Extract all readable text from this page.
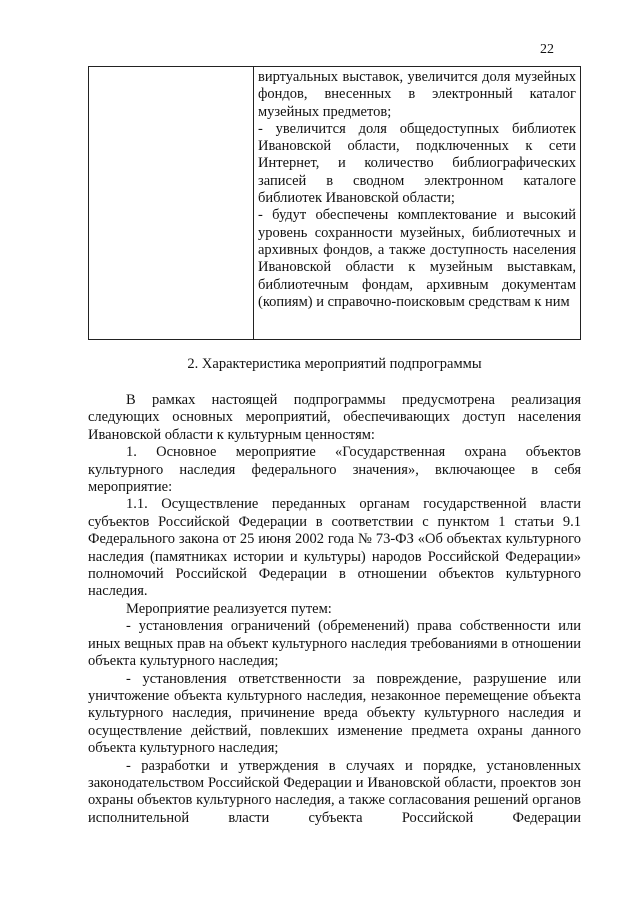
22

виртуальных выставок, увеличится доля музейных фондов, внесенных в электронный каталог музейных предметов;

- увеличится доля общедоступных библиотек Ивановской области, подключенных к сети Интернет, и количество библиографических записей в сводном электронном каталоге библиотек Ивановской области;

- будут обеспечены комплектование и высокий уровень сохранности музейных, библиотечных и архивных фондов, а также доступность населения Ивановской области к музейным выставкам, библиотечным фондам, архивным документам (копиям) и справочно-поисковым средствам к ним

2. Характеристика мероприятий подпрограммы

В рамках настоящей подпрограммы предусмотрена реализация следующих основных мероприятий, обеспечивающих доступ населения Ивановской области к культурным ценностям:

1. Основное мероприятие «Государственная охрана объектов культурного наследия федерального значения», включающее в себя мероприятие:

1.1. Осуществление переданных органам государственной власти субъектов Российской Федерации в соответствии с пунктом 1 статьи 9.1 Федерального закона от 25 июня 2002 года № 73-ФЗ «Об объектах культурного наследия (памятниках истории и культуры) народов Российской Федерации» полномочий Российской Федерации в отношении объектов культурного наследия.

Мероприятие реализуется путем:

- установления ограничений (обременений) права собственности или иных вещных прав на объект культурного наследия требованиями в отношении объекта культурного наследия;

- установления ответственности за повреждение, разрушение или уничтожение объекта культурного наследия, незаконное перемещение объекта культурного наследия, причинение вреда объекту культурного наследия и осуществление действий, повлекших изменение предмета охраны данного объекта культурного наследия;

- разработки и утверждения в случаях и порядке, установленных законодательством Российской Федерации и Ивановской области, проектов зон охраны объектов культурного наследия, а также согласования решений органов исполнительной власти субъекта Российской Федерации
